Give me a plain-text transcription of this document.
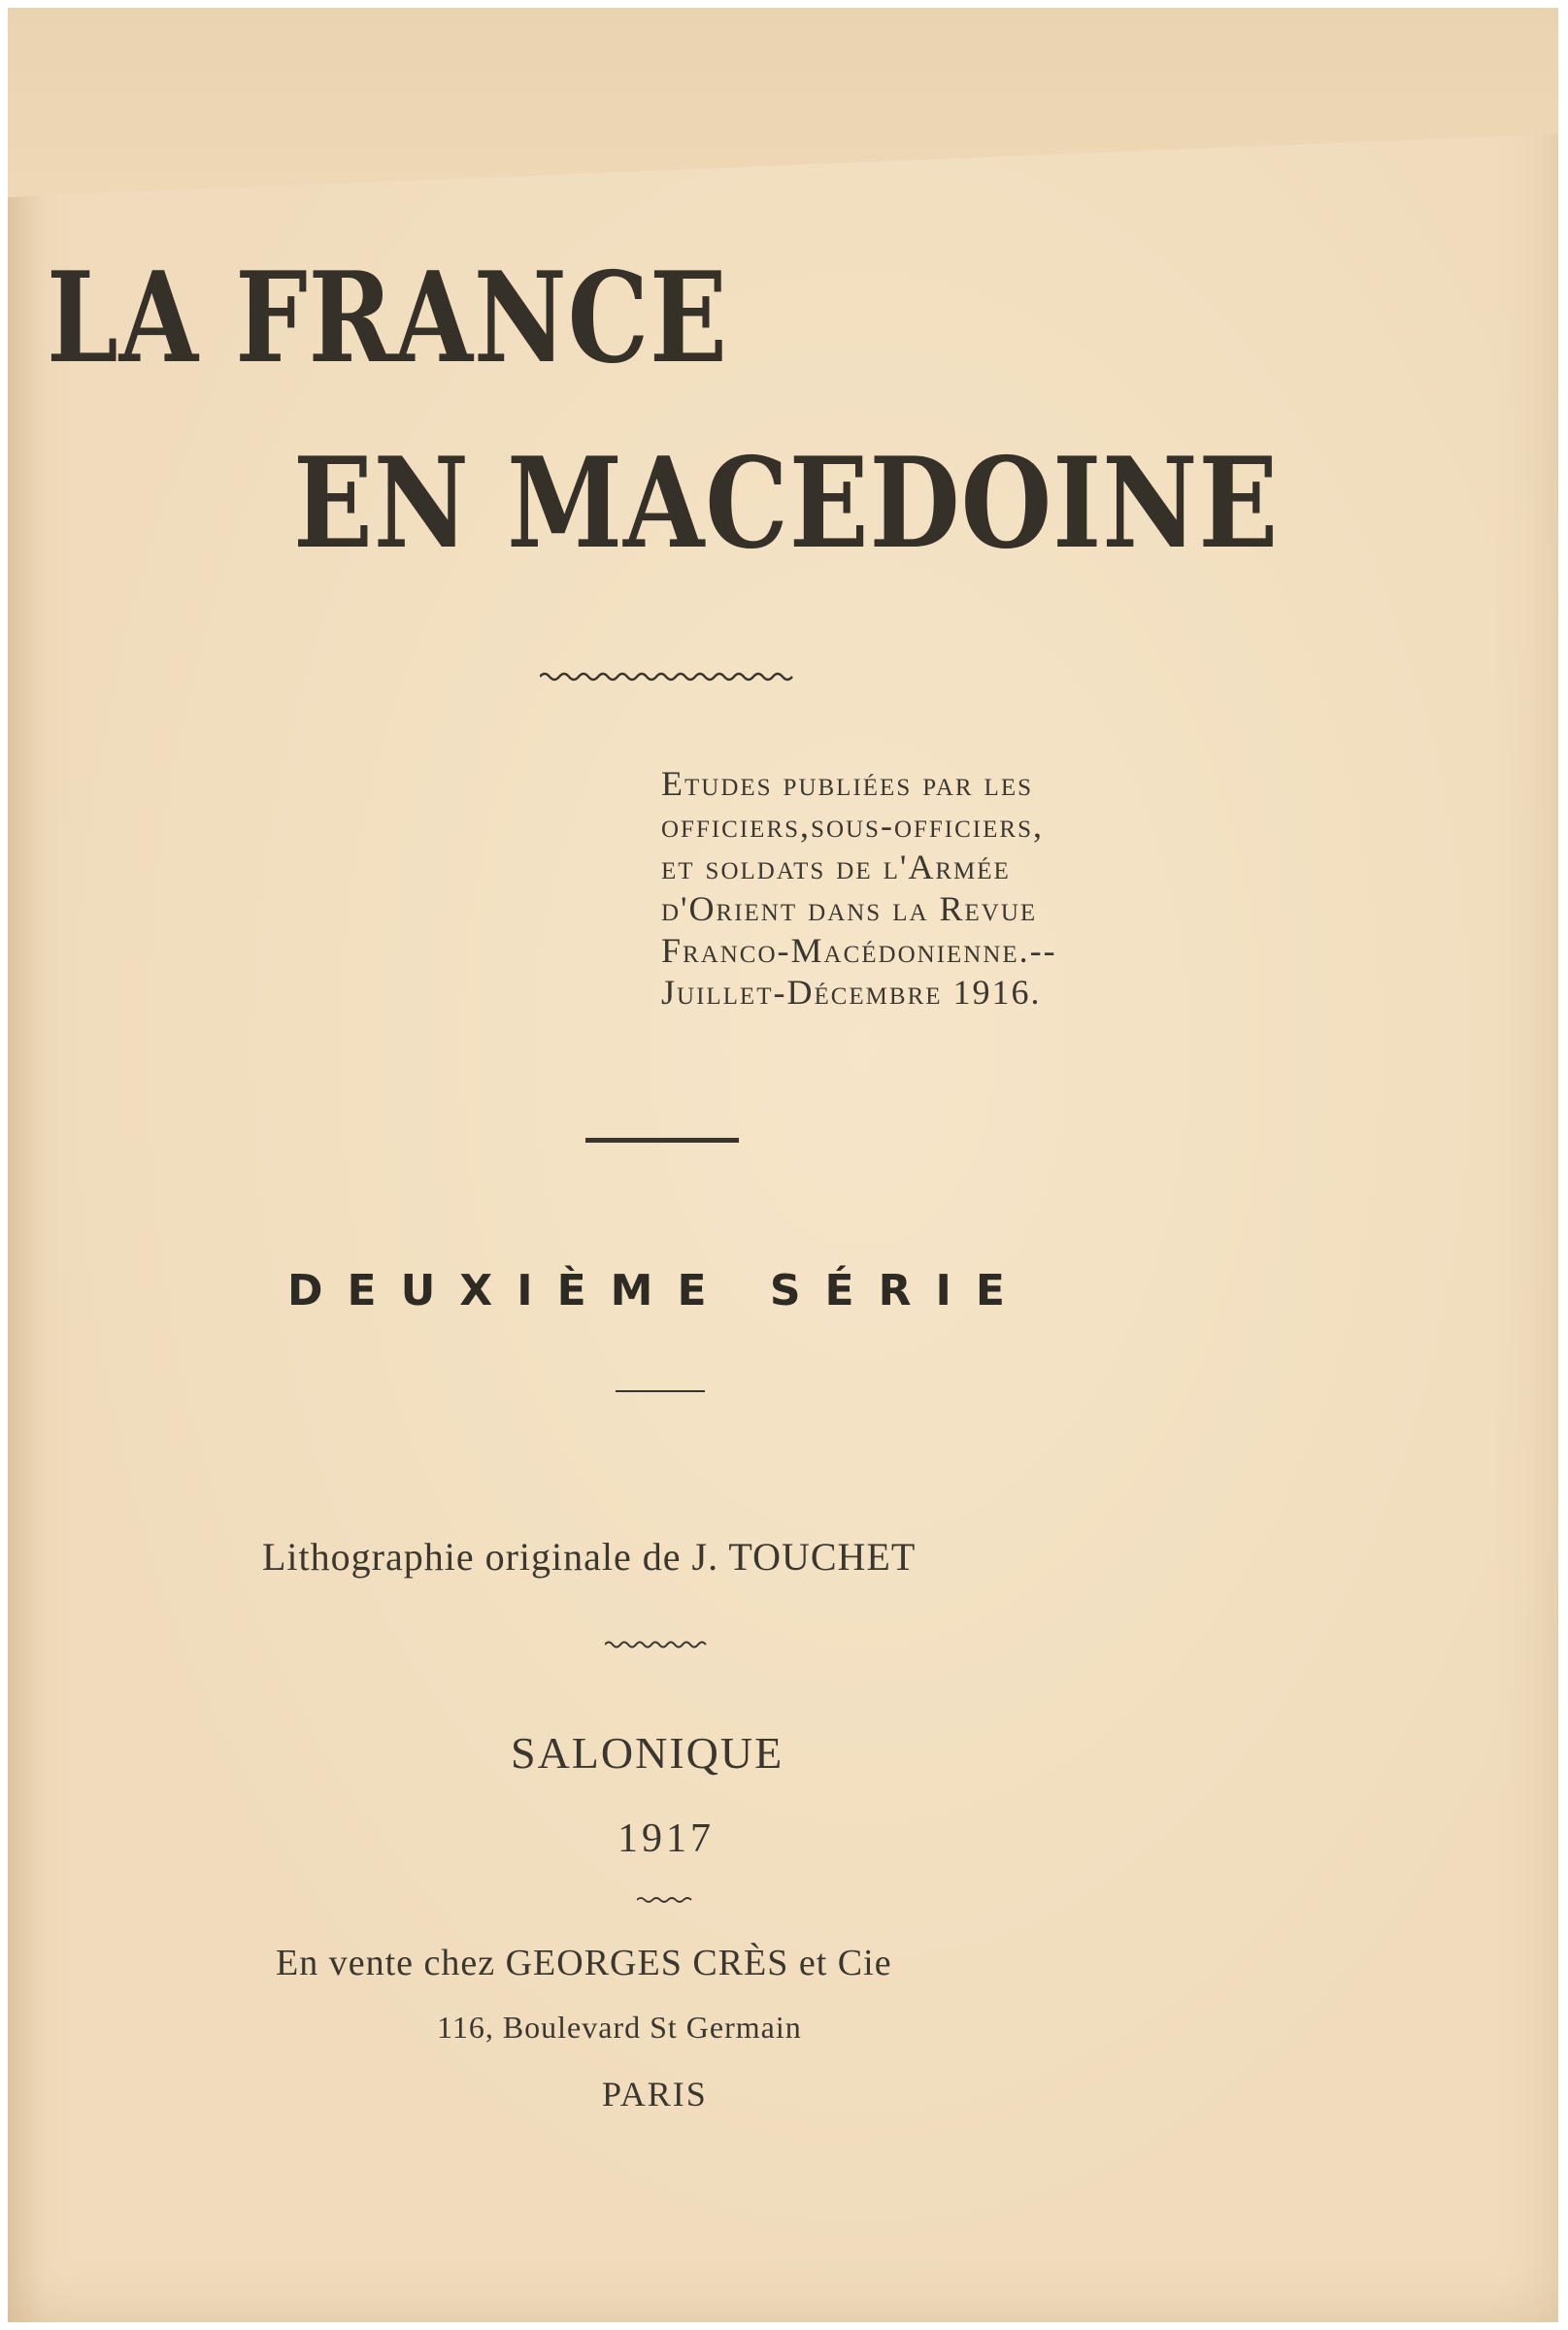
LA FRANCE
EN MACEDOINE
Etudes publiées par les
officiers,sous-officiers,
et soldats de l'Armée
d'Orient dans la Revue
Franco-Macédonienne.--
Juillet-Décembre 1916.
DEUXIÈME SÉRIE
Lithographie originale de J. TOUCHET
SALONIQUE
1917
En vente chez GEORGES CRÈS et Cie
116, Boulevard St Germain
PARIS
